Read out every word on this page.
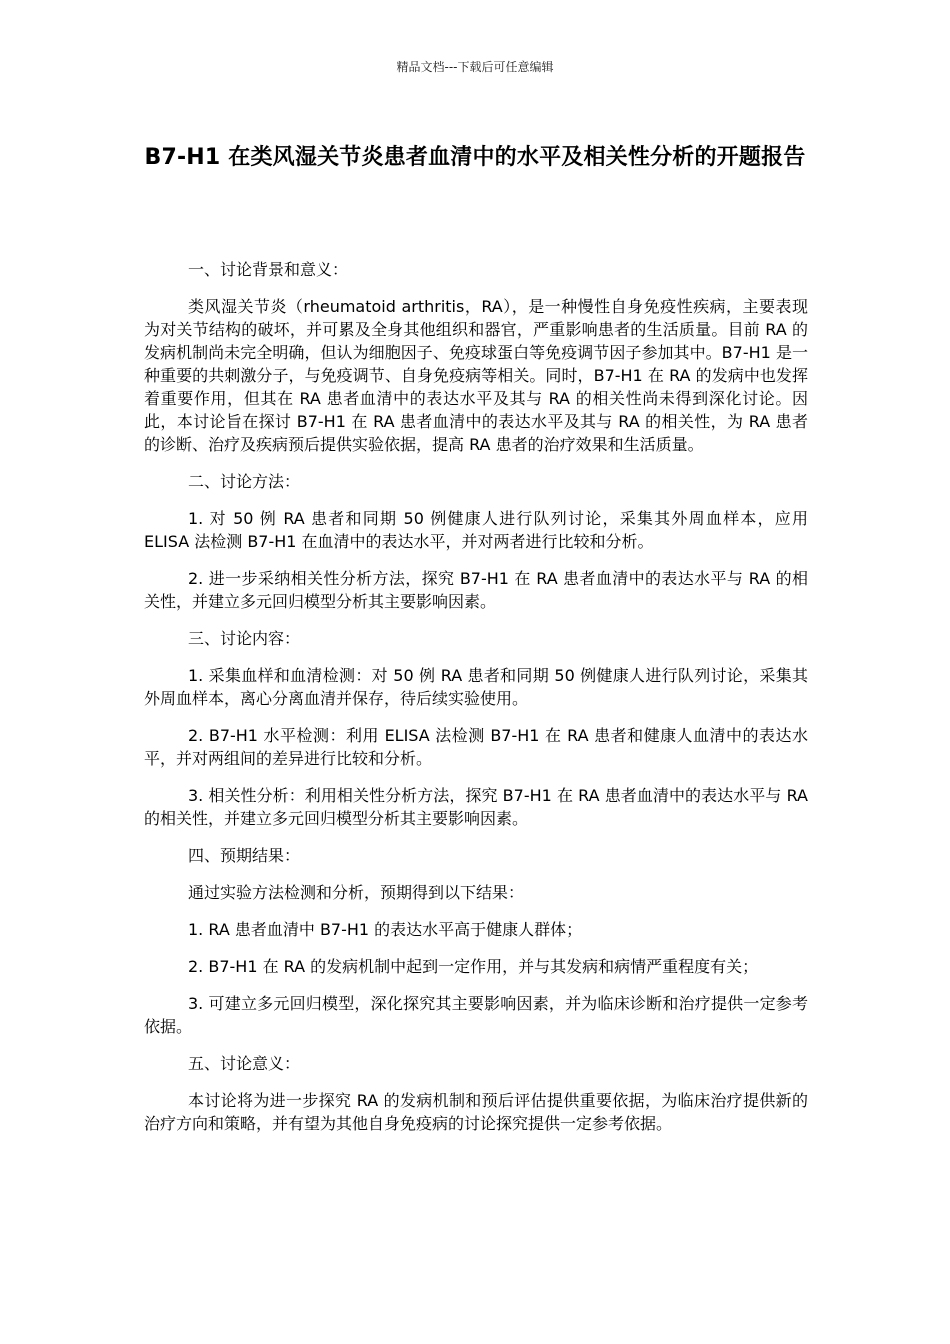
精品文档---下载后可任意编辑
B7-H1 在类风湿关节炎患者血清中的水平及相关性分析的开题报告

一、讨论背景和意义：

类风湿关节炎（rheumatoid arthritis，RA），是一种慢性自身免疫性疾病，主要表现为对关节结构的破坏，并可累及全身其他组织和器官，严重影响患者的生活质量。目前 RA 的发病机制尚未完全明确，但认为细胞因子、免疫球蛋白等免疫调节因子参加其中。B7-H1 是一种重要的共刺激分子，与免疫调节、自身免疫病等相关。同时，B7-H1 在 RA 的发病中也发挥着重要作用，但其在 RA 患者血清中的表达水平及其与 RA 的相关性尚未得到深化讨论。因此，本讨论旨在探讨 B7-H1 在 RA 患者血清中的表达水平及其与 RA 的相关性，为 RA 患者的诊断、治疗及疾病预后提供实验依据，提高 RA 患者的治疗效果和生活质量。

二、讨论方法：

1. 对 50 例 RA 患者和同期 50 例健康人进行队列讨论，采集其外周血样本，应用 ELISA 法检测 B7-H1 在血清中的表达水平，并对两者进行比较和分析。

2. 进一步采纳相关性分析方法，探究 B7-H1 在 RA 患者血清中的表达水平与 RA 的相关性，并建立多元回归模型分析其主要影响因素。

三、讨论内容：

1. 采集血样和血清检测：对 50 例 RA 患者和同期 50 例健康人进行队列讨论，采集其外周血样本，离心分离血清并保存，待后续实验使用。

2. B7-H1 水平检测：利用 ELISA 法检测 B7-H1 在 RA 患者和健康人血清中的表达水平，并对两组间的差异进行比较和分析。

3. 相关性分析：利用相关性分析方法，探究 B7-H1 在 RA 患者血清中的表达水平与 RA 的相关性，并建立多元回归模型分析其主要影响因素。

四、预期结果：

通过实验方法检测和分析，预期得到以下结果：

1. RA 患者血清中 B7-H1 的表达水平高于健康人群体；

2. B7-H1 在 RA 的发病机制中起到一定作用，并与其发病和病情严重程度有关；

3. 可建立多元回归模型，深化探究其主要影响因素，并为临床诊断和治疗提供一定参考依据。

五、讨论意义：

本讨论将为进一步探究 RA 的发病机制和预后评估提供重要依据，为临床治疗提供新的治疗方向和策略，并有望为其他自身免疫病的讨论探究提供一定参考依据。
